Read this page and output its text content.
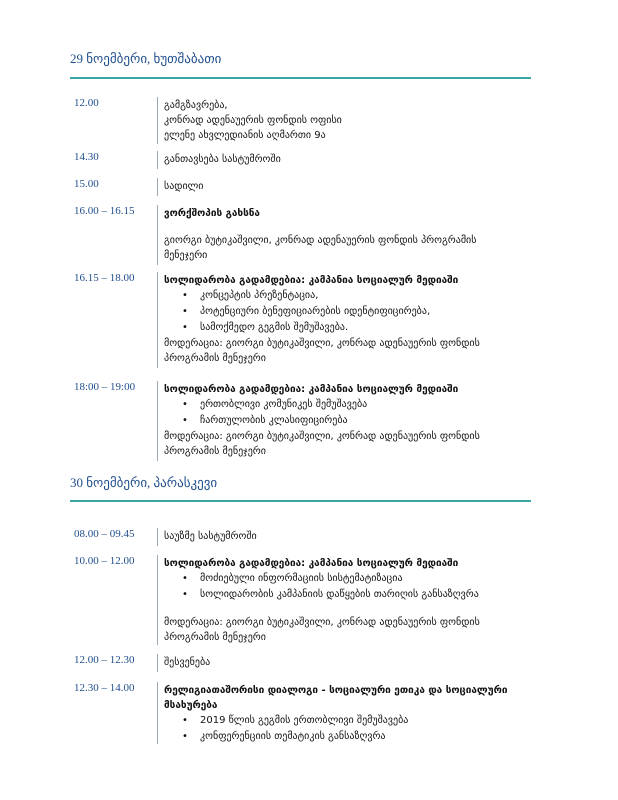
29 ნოემბერი, ხუთშაბათი
12.00	გამგზავრება,
კონრად ადენაუერის ფონდის ოფისი
ელენე ახვლედიანის აღმართი 9ა
14.30	განთავსება სასტუმროში
15.00	სადილი
16.00 – 16.15	ვორქშოპის გახსნა
გიორგი ბუტიკაშვილი, კონრად ადენაუერის ფონდის პროგრამის
მენეჯერი
16.15 – 18.00	სოლიდარობა გადამდებია: კამპანია სოციალურ მედიაში
• კონცეპტის პრეზენტაცია,
• პოტენციური ბენეფიციარების იდენტიფიცირება,
• სამოქმედო გეგმის შემუშავება.
მოდერაცია: გიორგი ბუტიკაშვილი, კონრად ადენაუერის ფონდის
პროგრამის მენეჯერი
18:00 – 19:00	სოლიდარობა გადამდებია: კამპანია სოციალურ მედიაში
• ერთობლივი კომუნიკეს შემუშავება
• ჩართულობის კლასიფიცირება
მოდერაცია: გიორგი ბუტიკაშვილი, კონრად ადენაუერის ფონდის
პროგრამის მენეჯერი
30 ნოემბერი, პარასკევი
08.00 – 09.45	საუზმე სასტუმროში
10.00 – 12.00	სოლიდარობა გადამდებია: კამპანია სოციალურ მედიაში
• მოძიებული ინფორმაციის სისტემატიზაცია
• სოლიდარობის კამპანიის დაწყების თარიღის განსაზღვრა
მოდერაცია: გიორგი ბუტიკაშვილი, კონრად ადენაუერის ფონდის
პროგრამის მენეჯერი
12.00 – 12.30	შესვენება
12.30 – 14.00	რელიგიათაშორისი დიალოგი - სოციალური ეთიკა და სოციალური
მსახურება
• 2019 წლის გეგმის ერთობლივი შემუშავება
• კონფერენციის თემატიკის განსაზღვრა
